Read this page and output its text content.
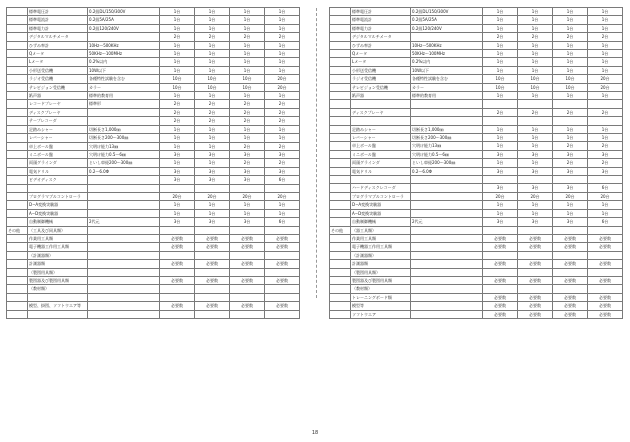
	標準電圧計	0.2級DL/150/300V	1台	1台	1台	1台
	標準電流計	0.2級5A/25A	1台	1台	1台	1台
	標準電力計	0.2級120/240V	1台	1台	1台	1台
	デジタルマルチメータ		2台	2台	2台	2台
	ひずみ率計	10Hz〜500KHz	1台	1台	1台	1台
	Qメータ	50KHz〜100MHz	1台	1台	1台	1台
	Lメータ	0.2%以内	1台	1台	1台	1台
	小形送受信機	10W以下	1台	1台	1台	1台
	ラジオ受信機	各種特性試験を含む	10台	10台	10台	20台
	テレビジョン受信機	カラー	10台	10台	10台	20台
	紙声器	標準的教育用	1台	1台	1台	1台
	レコードプレーヤ	標準形	2台	2台	2台	2台
	ディスクプレーヤ		2台	2台	2台	2台
	テープレコーダ		2台	2台	2台	2台
	足踏みシャー	切断長さ1,000㎜	1台	1台	1台	1台
	レバーシャー	切断長さ200〜300㎜	1台	1台	1台	1台
	卓上ボール盤	穴明け能力13㎜	1台	1台	2台	2台
	ミニボール盤	穴明け能力0.5〜6㎜	3台	3台	3台	3台
	両頭グラインダ	といし車経200〜300㎜	1台	1台	2台	2台
	電気ドリル	0.2〜6.0Φ	3台	3台	3台	3台
	ビデオディスク		3台	3台	3台	6台

	プログラマブルコントローラ		20台	20台	20台	20台
	D−A変換実験器		1台	1台	1台	1台
	A−D変換実験器		1台	1台	1台	1台
	自動制御機械	2代元	3台	3台	3台	6台
その他	（工具及び同具類）					
	作業用工具類		必要数	必要数	必要数	必要数
	電子機器工作用工具類		必要数	必要数	必要数	必要数
	（計測器類）					
	計測器類		必要数	必要数	必要数	必要数
	（製図用具類）					
	製図器及び製図用具類		必要数	必要数	必要数	必要数
	（教材類）					

	模型、掛図、ソフトウエア等		必要数	必要数	必要数	必要数

	標準電圧計	0.2級DL/150/300V	1台	1台	1台	1台
	標準電流計	0.2級5A/25A	1台	1台	1台	1台
	標準電力計	0.2級120/240V	1台	1台	1台	1台
	デジタルマルチメータ		2台	2台	2台	2台
	ひずみ率計	10Hz〜500KHz	1台	1台	1台	1台
	Qメータ	50KHz〜100MHz	1台	1台	1台	1台
	Lメータ	0.2%以内	1台	1台	1台	1台
	小形送受信機	10W以下	1台	1台	1台	1台
	ラジオ受信機	各種特性試験を含む	10台	10台	10台	20台
	テレビジョン受信機	カラー	10台	10台	10台	20台
	紙声器	標準的教育用	1台	1台	1台	1台

	ディスクプレーヤ		2台	2台	2台	2台

	足踏みシャー	切断長さ1,000㎜	1台	1台	1台	1台
	レバーシャー	切断長さ200〜300㎜	1台	1台	1台	1台
	卓上ボール盤	穴明け能力13㎜	1台	1台	2台	2台
	ミニボール盤	穴明け能力0.5〜6㎜	3台	3台	3台	3台
	両頭グラインダ	といし車経200〜300㎜	1台	1台	2台	2台
	電気ドリル	0.2〜6.0Φ	3台	3台	3台	3台

	ハードディスクレコーダ		3台	3台	3台	6台
	プログラマブルコントローラ		20台	20台	20台	20台
	D−A変換実験器		1台	1台	1台	1台
	A−D変換実験器		1台	1台	1台	1台
	自動制御機械	2代元	3台	3台	3台	6台
その他	（器工具類）					
	作業用工具類		必要数	必要数	必要数	必要数
	電子機器工作用工具類		必要数	必要数	必要数	必要数
	（計測器類）					
	計測器類		必要数	必要数	必要数	必要数
	（製図用具類）					
	製図器及び製図用具類		必要数	必要数	必要数	必要数
	（教材類）					
	トレーニングボード類		必要数	必要数	必要数	必要数
	模型等		必要数	必要数	必要数	必要数
	ソフトウエア		必要数	必要数	必要数	必要数
18
